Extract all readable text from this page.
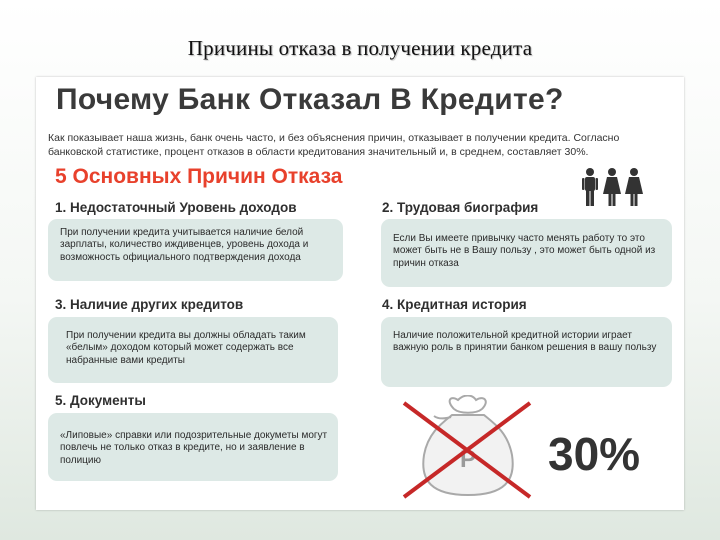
Причины отказа в получении кредита
Почему Банк Отказал В Кредите?
Как показывает наша жизнь, банк очень часто, и без объяснения причин, отказывает в получении кредита. Согласно банковской статистике, процент отказов в области кредитования значительный и, в среднем, составляет 30%.
5 Основных Причин Отказа
1. Недостаточный Уровень доходов
При получении кредита учитывается наличие белой зарплаты, количество иждивенцев, уровень дохода и возможность официального подтверждения дохода
2. Трудовая биография
Если Вы имеете привычку часто менять работу то это может быть не в Вашу пользу , это может быть одной из причин отказа
3. Наличие других кредитов
При получении кредита вы должны обладать таким «белым» доходом который может содержать все набранные вами кредиты
4. Кредитная история
Наличие положительной кредитной истории играет важную роль в принятии банком решения в вашу пользу
5. Документы
«Липовые» справки или подозрительные докуметы могут повлечь не только отказ в кредите, но и заявление в полицию	Р 30%
